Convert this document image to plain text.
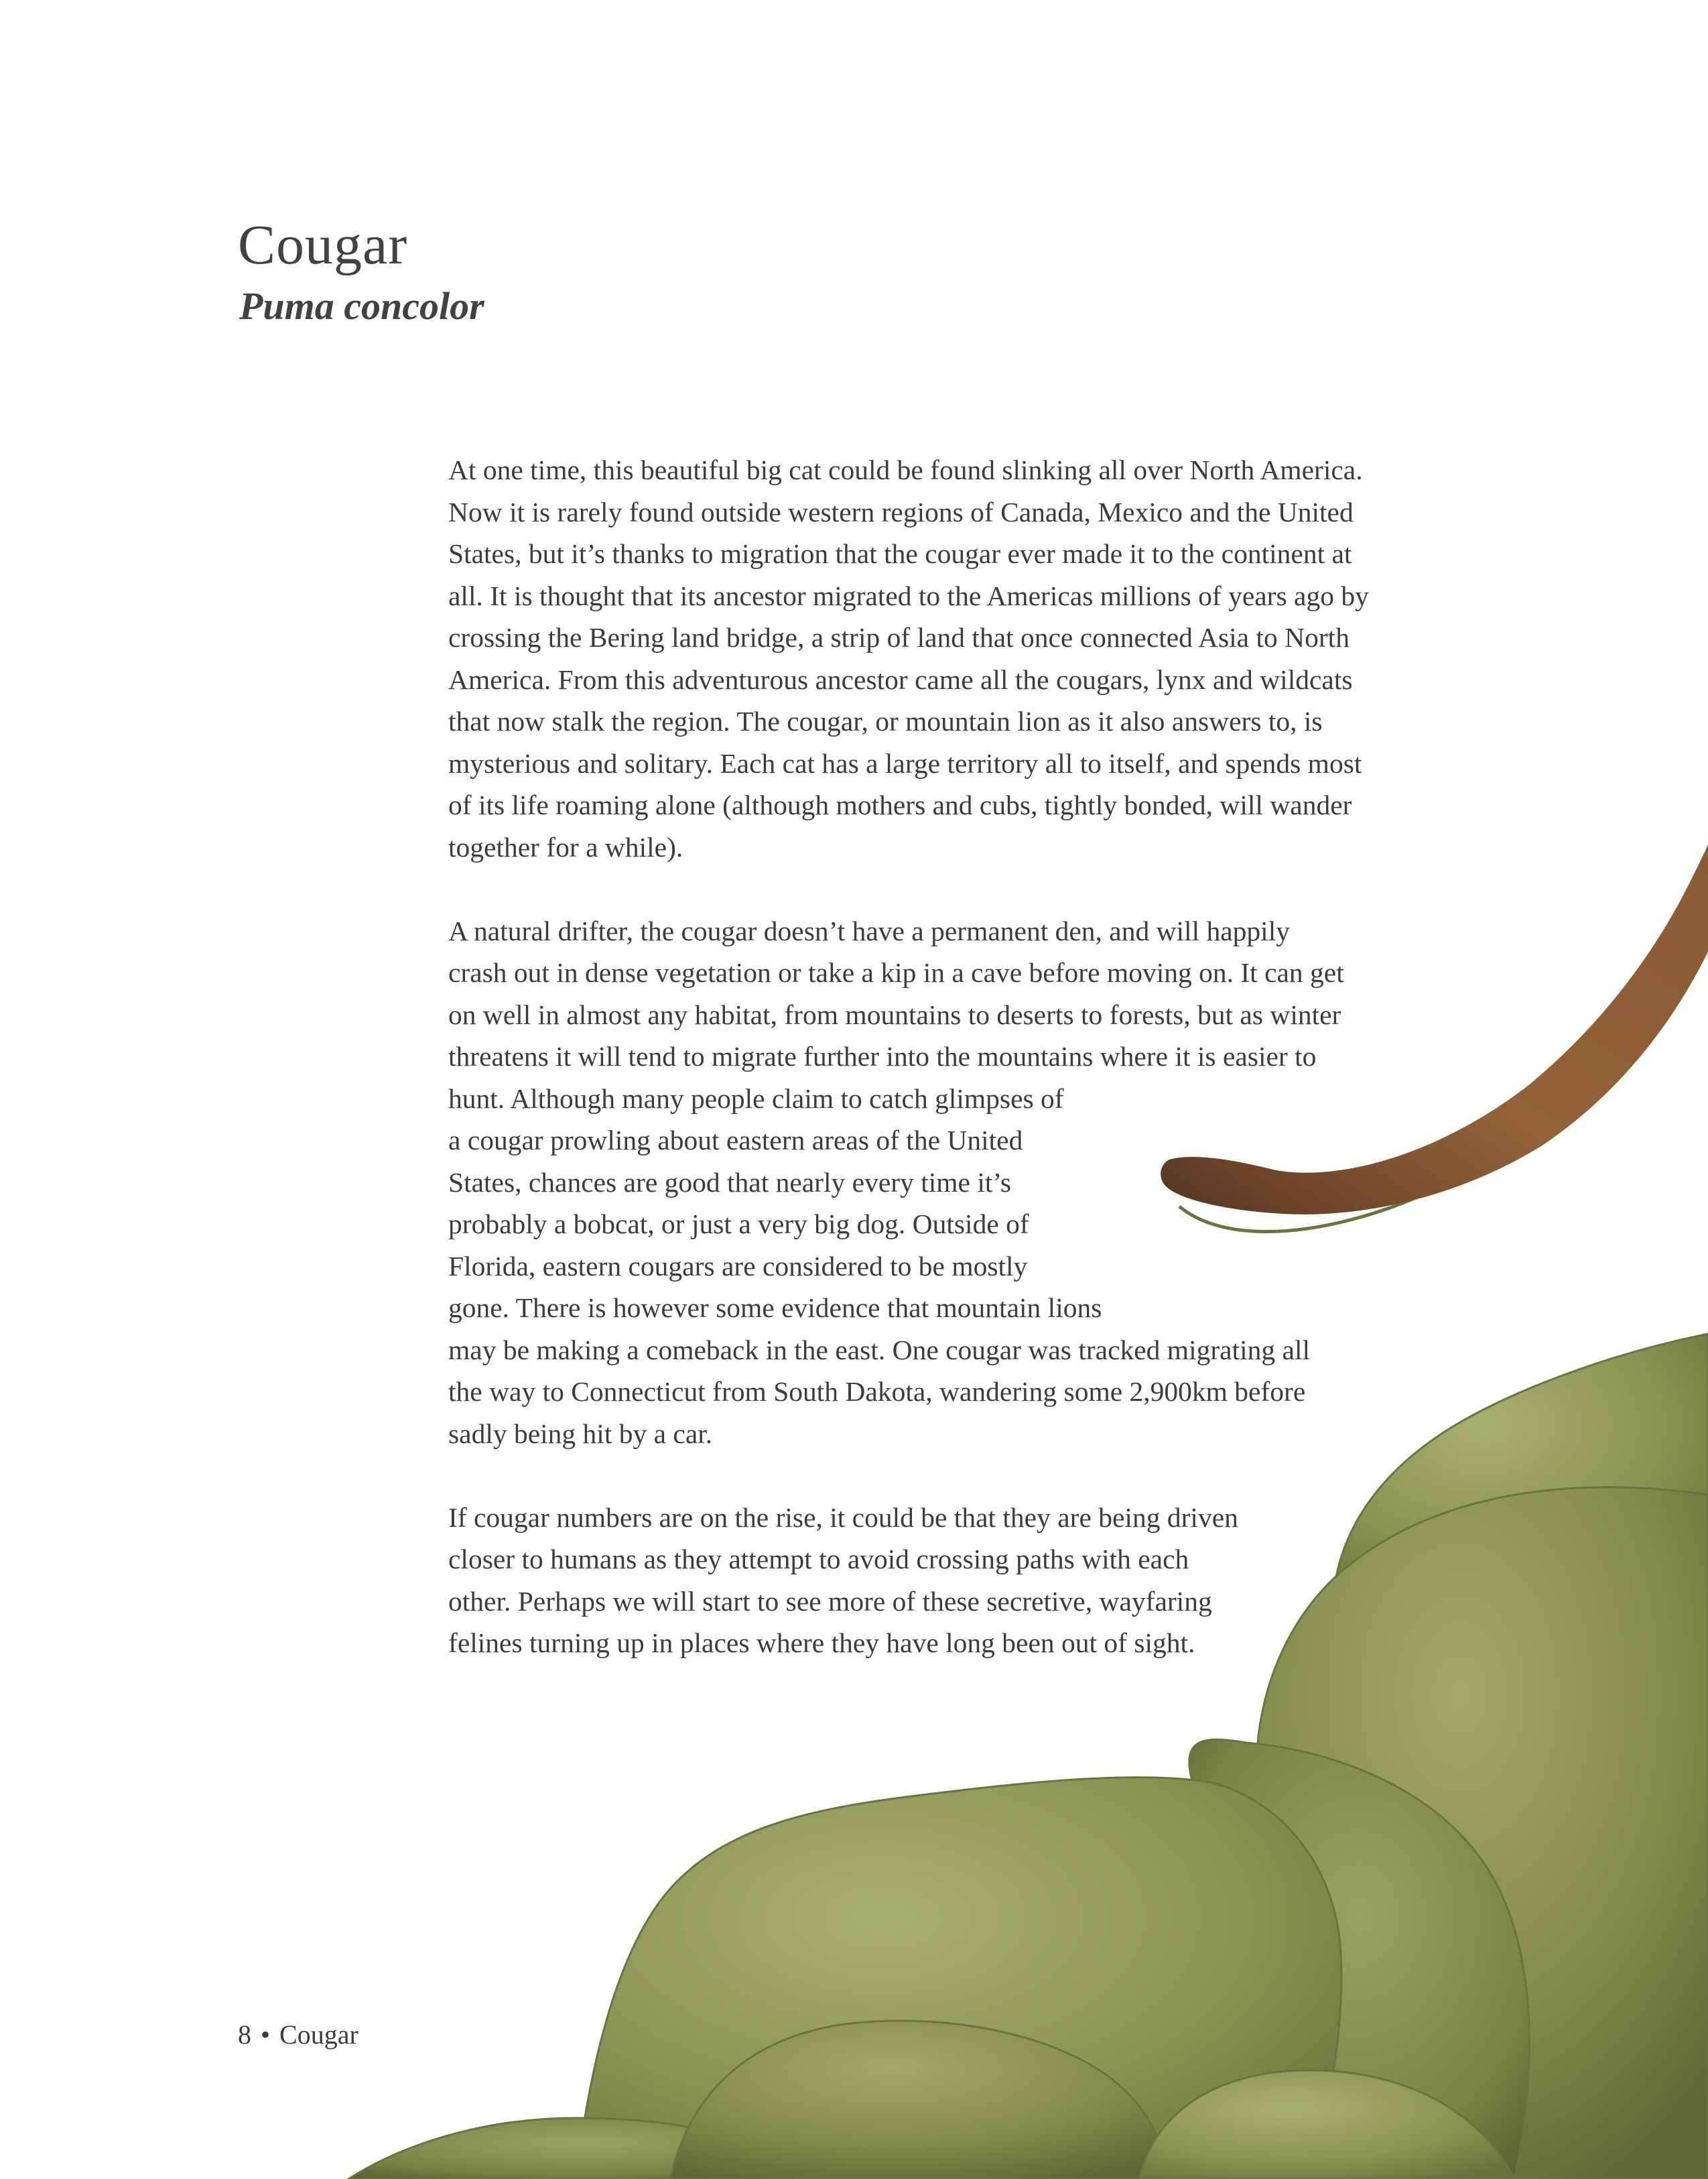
Cougar
Puma concolor

At one time, this beautiful big cat could be found slinking all over North America.
Now it is rarely found outside western regions of Canada, Mexico and the United
States, but it’s thanks to migration that the cougar ever made it to the continent at
all. It is thought that its ancestor migrated to the Americas millions of years ago by
crossing the Bering land bridge, a strip of land that once connected Asia to North
America. From this adventurous ancestor came all the cougars, lynx and wildcats
that now stalk the region. The cougar, or mountain lion as it also answers to, is
mysterious and solitary. Each cat has a large territory all to itself, and spends most
of its life roaming alone (although mothers and cubs, tightly bonded, will wander
together for a while).

A natural drifter, the cougar doesn’t have a permanent den, and will happily
crash out in dense vegetation or take a kip in a cave before moving on. It can get
on well in almost any habitat, from mountains to deserts to forests, but as winter
threatens it will tend to migrate further into the mountains where it is easier to
hunt. Although many people claim to catch glimpses of
a cougar prowling about eastern areas of the United
States, chances are good that nearly every time it’s
probably a bobcat, or just a very big dog. Outside of
Florida, eastern cougars are considered to be mostly
gone. There is however some evidence that mountain lions
may be making a comeback in the east. One cougar was tracked migrating all
the way to Connecticut from South Dakota, wandering some 2,900km before
sadly being hit by a car.

If cougar numbers are on the rise, it could be that they are being driven
closer to humans as they attempt to avoid crossing paths with each
other. Perhaps we will start to see more of these secretive, wayfaring
felines turning up in places where they have long been out of sight.

8 • Cougar
